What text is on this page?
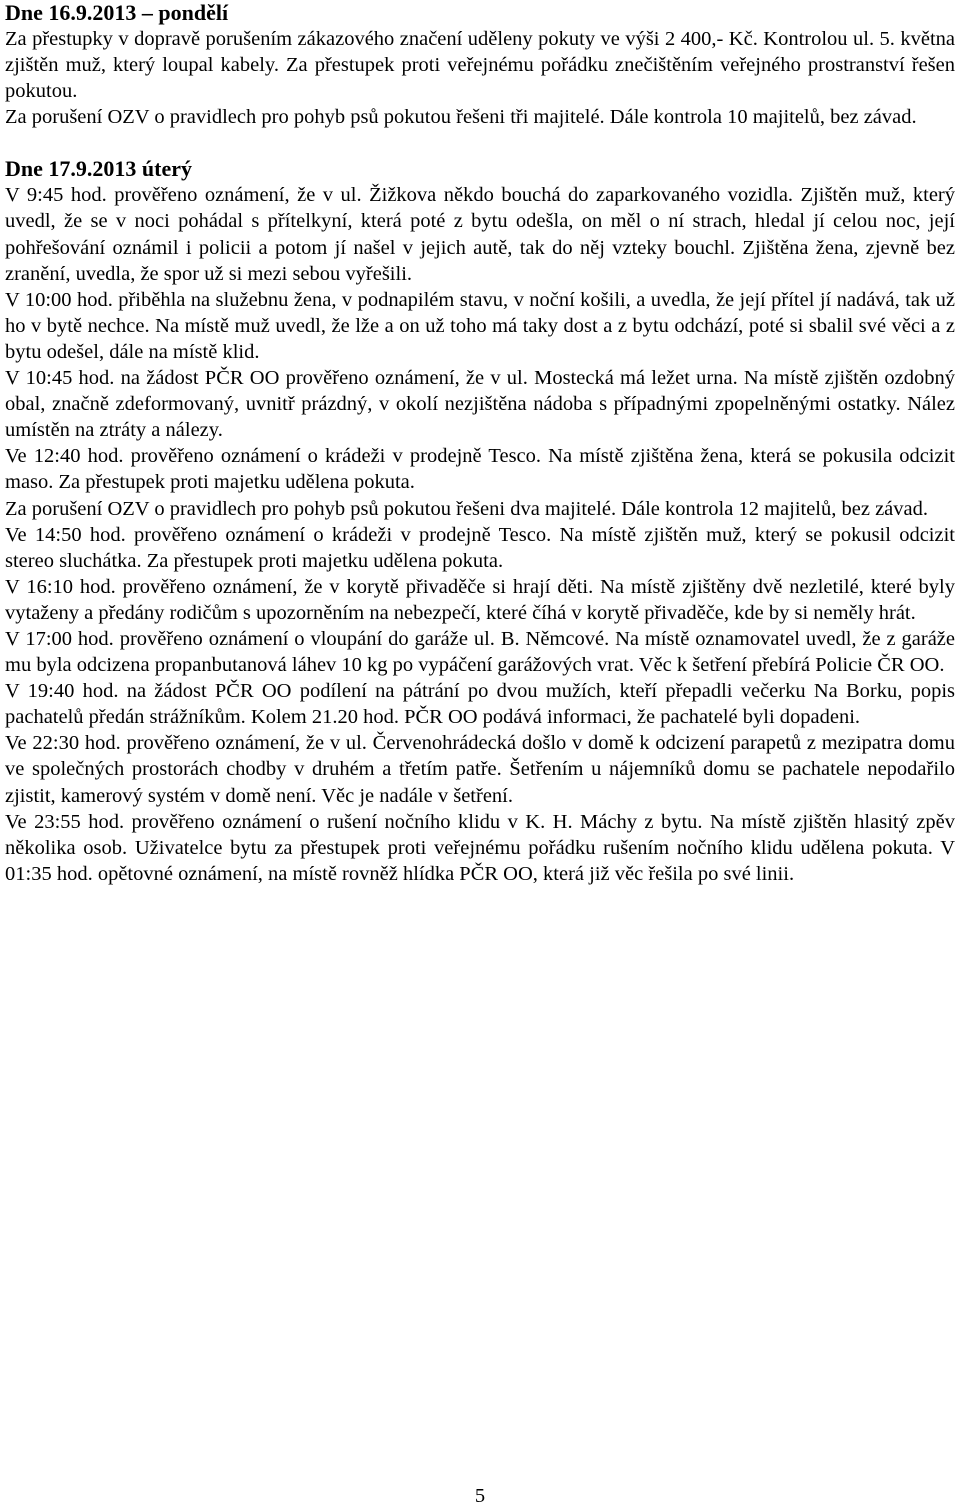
Dne 16.9.2013 – pondělí

Za přestupky v dopravě porušením zákazového značení uděleny pokuty ve výši 2 400,- Kč. Kontrolou ul. 5. května zjištěn muž, který loupal kabely. Za přestupek proti veřejnému pořádku znečištěním veřejného prostranství řešen pokutou.

Za porušení OZV o pravidlech pro pohyb psů pokutou řešeni tři majitelé. Dále kontrola 10 majitelů, bez závad.

Dne 17.9.2013 úterý

V 9:45 hod. prověřeno oznámení, že v ul. Žižkova někdo bouchá do zaparkovaného vozidla. Zjištěn muž, který uvedl, že se v noci pohádal s přítelkyní, která poté z bytu odešla, on měl o ní strach, hledal jí celou noc, její pohřešování oznámil i policii a potom jí našel v jejich autě, tak do něj vzteky bouchl. Zjištěna žena, zjevně bez zranění, uvedla, že spor už si mezi sebou vyřešili.

V 10:00 hod. přiběhla na služebnu žena, v podnapilém stavu, v noční košili, a uvedla, že její přítel jí nadává, tak už ho v bytě nechce. Na místě muž uvedl, že lže a on už toho má taky dost a z bytu odchází, poté si sbalil své věci a z bytu odešel, dále na místě klid.

V 10:45 hod. na žádost PČR OO prověřeno oznámení, že v ul. Mostecká má ležet urna. Na místě zjištěn ozdobný obal, značně zdeformovaný, uvnitř prázdný, v okolí nezjištěna nádoba s případnými zpopelněnými ostatky. Nález umístěn na ztráty a nálezy.

Ve 12:40 hod. prověřeno oznámení o krádeži v prodejně Tesco. Na místě zjištěna žena, která se pokusila odcizit maso. Za přestupek proti majetku udělena pokuta.

Za porušení OZV o pravidlech pro pohyb psů pokutou řešeni dva majitelé. Dále kontrola 12 majitelů, bez závad.

Ve 14:50 hod. prověřeno oznámení o krádeži v prodejně Tesco. Na místě zjištěn muž, který se pokusil odcizit stereo sluchátka. Za přestupek proti majetku udělena pokuta.

V 16:10 hod. prověřeno oznámení, že v korytě přivaděče si hrají děti. Na místě zjištěny dvě nezletilé, které byly vytaženy a předány rodičům s upozorněním na nebezpečí, které číhá v korytě přivaděče, kde by si neměly hrát.

V 17:00 hod. prověřeno oznámení o vloupání do garáže ul. B. Němcové. Na místě oznamovatel uvedl, že z garáže mu byla odcizena propanbutanová láhev 10 kg po vypáčení garážových vrat. Věc k šetření přebírá Policie ČR OO.

V 19:40 hod. na žádost PČR OO podílení na pátrání po dvou mužích, kteří přepadli večerku Na Borku, popis pachatelů předán strážníkům. Kolem 21.20 hod. PČR OO podává informaci, že pachatelé byli dopadeni.

Ve 22:30 hod. prověřeno oznámení, že v ul. Červenohrádecká došlo v domě k odcizení parapetů z mezipatra domu ve společných prostorách chodby v druhém a třetím patře. Šetřením u nájemníků domu se pachatele nepodařilo zjistit, kamerový systém v domě není. Věc je nadále v šetření.

Ve 23:55 hod. prověřeno oznámení o rušení nočního klidu v K. H. Máchy z bytu. Na místě zjištěn hlasitý zpěv několika osob. Uživatelce bytu za přestupek proti veřejnému pořádku rušením nočního klidu udělena pokuta. V 01:35 hod. opětovné oznámení, na místě rovněž hlídka PČR OO, která již věc řešila po své linii.

5
